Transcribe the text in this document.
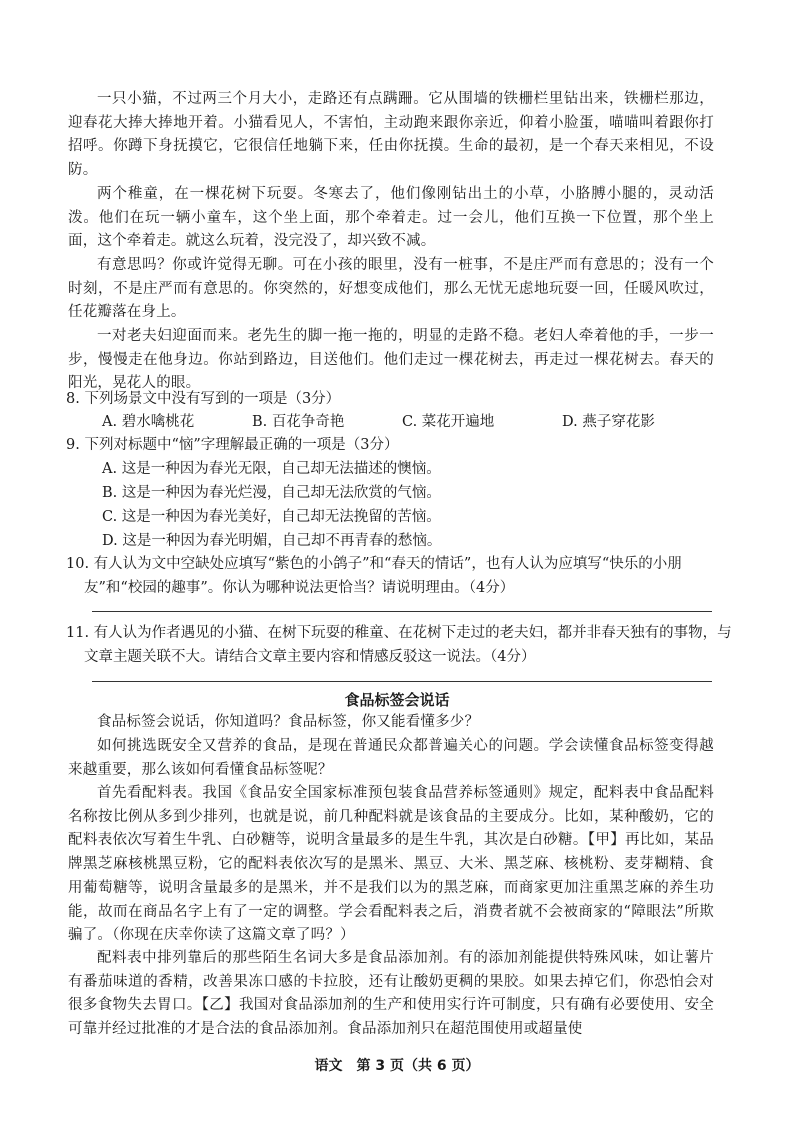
一只小猫，不过两三个月大小，走路还有点蹒跚。它从围墙的铁栅栏里钻出来，铁栅栏那边，迎春花大捧大捧地开着。小猫看见人，不害怕，主动跑来跟你亲近，仰着小脸蛋，喵喵叫着跟你打招呼。你蹲下身抚摸它，它很信任地躺下来，任由你抚摸。生命的最初，是一个春天来相见，不设防。
两个稚童，在一棵花树下玩耍。冬寒去了，他们像刚钻出土的小草，小胳膊小腿的，灵动活泼。他们在玩一辆小童车，这个坐上面，那个牵着走。过一会儿，他们互换一下位置，那个坐上面，这个牵着走。就这么玩着，没完没了，却兴致不减。
有意思吗？你或许觉得无聊。可在小孩的眼里，没有一桩事，不是庄严而有意思的；没有一个时刻，不是庄严而有意思的。你突然的，好想变成他们，那么无忧无虑地玩耍一回，任暖风吹过，任花瓣落在身上。
一对老夫妇迎面而来。老先生的脚一拖一拖的，明显的走路不稳。老妇人牵着他的手，一步一步，慢慢走在他身边。你站到路边，目送他们。他们走过一棵花树去，再走过一棵花树去。春天的阳光，晃花人的眼。
8. 下列场景文中没有写到的一项是（3分）
A. 碧水噙桃花	B. 百花争奇艳	C. 菜花开遍地	D. 燕子穿花影
9. 下列对标题中“恼”字理解最正确的一项是（3分）
A. 这是一种因为春光无限，自己却无法描述的懊恼。
B. 这是一种因为春光烂漫，自己却无法欣赏的气恼。
C. 这是一种因为春光美好，自己却无法挽留的苦恼。
D. 这是一种因为春光明媚，自己却不再青春的愁恼。
10. 有人认为文中空缺处应填写“紫色的小鸽子”和“春天的情话”，也有人认为应填写“快乐的小朋友”和“校园的趣事”。你认为哪种说法更恰当？请说明理由。（4分）
11. 有人认为作者遇见的小猫、在树下玩耍的稚童、在花树下走过的老夫妇，都并非春天独有的事物，与文章主题关联不大。请结合文章主要内容和情感反驳这一说法。（4分）
食品标签会说话
食品标签会说话，你知道吗？食品标签，你又能看懂多少？
如何挑选既安全又营养的食品，是现在普通民众都普遍关心的问题。学会读懂食品标签变得越来越重要，那么该如何看懂食品标签呢？
首先看配料表。我国《食品安全国家标准预包装食品营养标签通则》规定，配料表中食品配料名称按比例从多到少排列，也就是说，前几种配料就是该食品的主要成分。比如，某种酸奶，它的配料表依次写着生牛乳、白砂糖等，说明含量最多的是生牛乳，其次是白砂糖。【甲】再比如，某品牌黑芝麻核桃黑豆粉，它的配料表依次写的是黑米、黑豆、大米、黑芝麻、核桃粉、麦芽糊精、食用葡萄糖等，说明含量最多的是黑米，并不是我们以为的黑芝麻，而商家更加注重黑芝麻的养生功能，故而在商品名字上有了一定的调整。学会看配料表之后，消费者就不会被商家的“障眼法”所欺骗了。（你现在庆幸你读了这篇文章了吗？）
配料表中排列靠后的那些陌生名词大多是食品添加剂。有的添加剂能提供特殊风味，如让薯片有番茄味道的香精，改善果冻口感的卡拉胶，还有让酸奶更稠的果胶。如果去掉它们，你恐怕会对很多食物失去胃口。【乙】我国对食品添加剂的生产和使用实行许可制度，只有确有必要使用、安全可靠并经过批准的才是合法的食品添加剂。食品添加剂只在超范围使用或超量使
语文　第 3 页（共 6 页）
